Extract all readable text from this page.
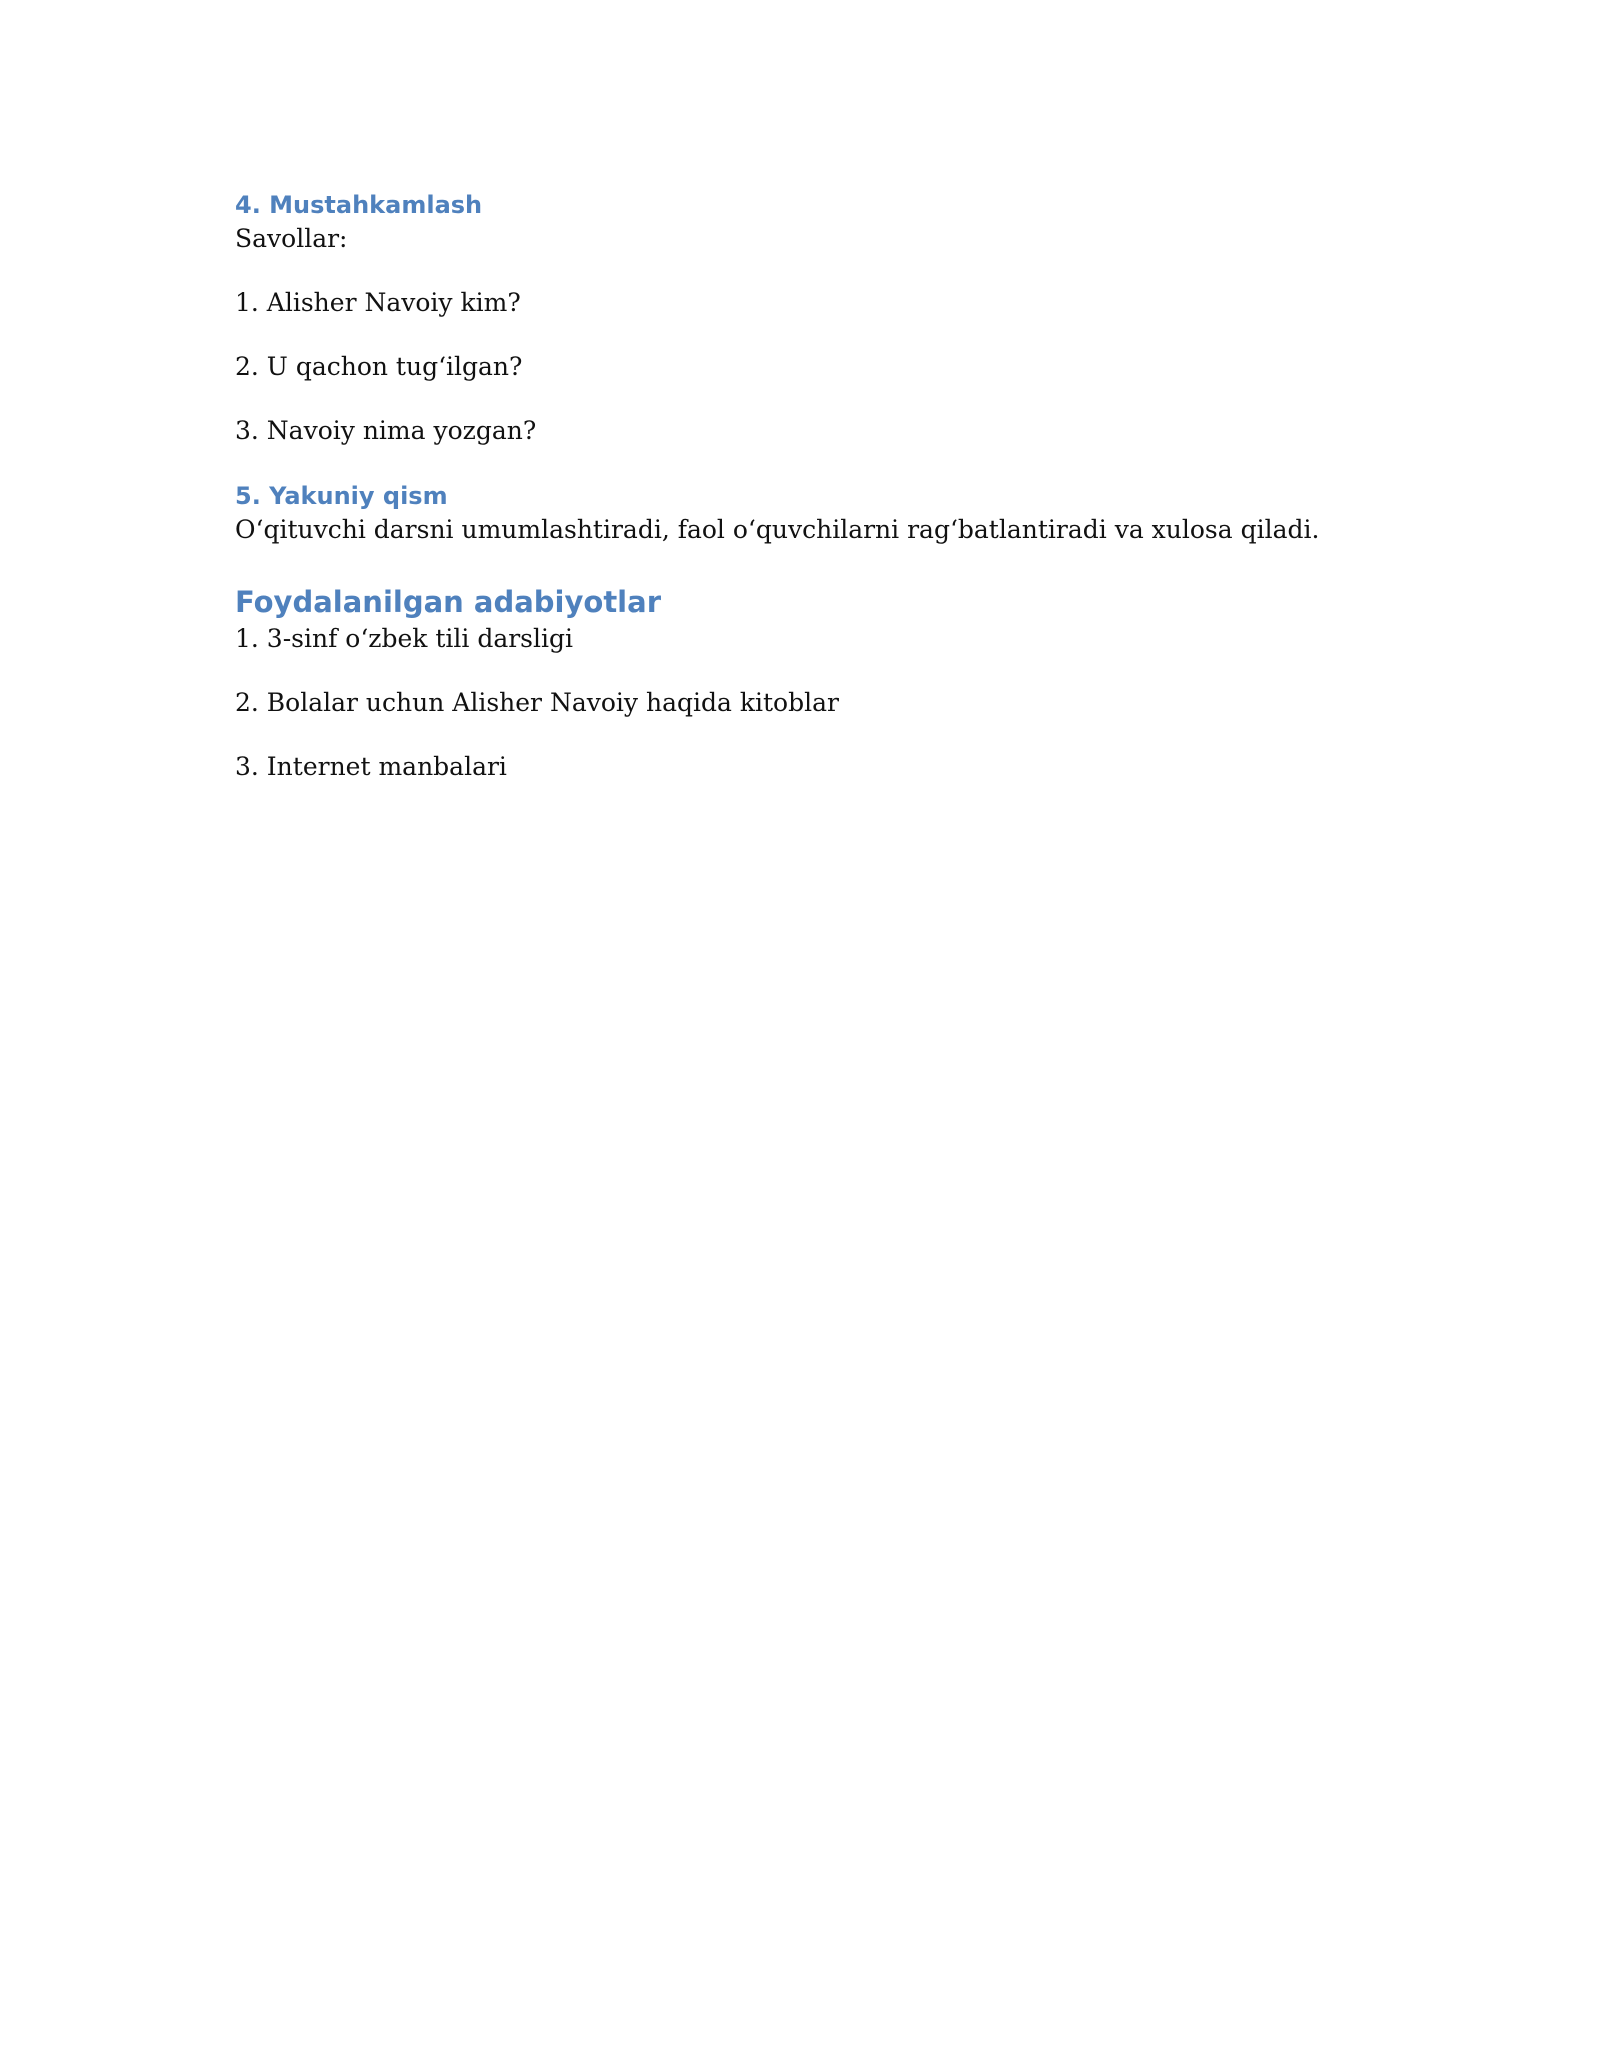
4. Mustahkamlash

Savollar:

1. Alisher Navoiy kim?

2. U qachon tug‘ilgan?

3. Navoiy nima yozgan?

5. Yakuniy qism

O‘qituvchi darsni umumlashtiradi, faol o‘quvchilarni rag‘batlantiradi va xulosa qiladi.

Foydalanilgan adabiyotlar

1. 3-sinf o‘zbek tili darsligi

2. Bolalar uchun Alisher Navoiy haqida kitoblar

3. Internet manbalari
